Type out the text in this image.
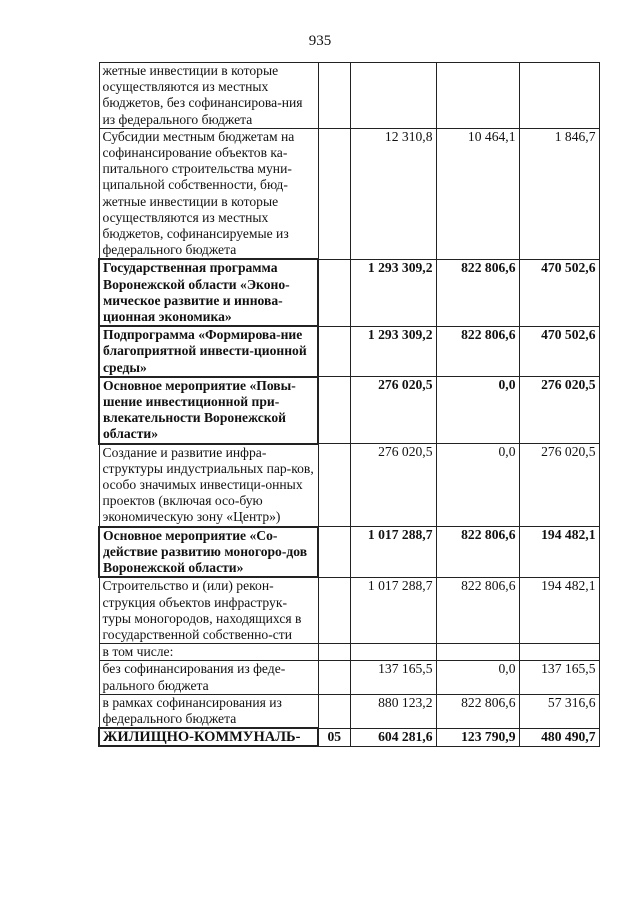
935
жетные инвестиции в которые осуществляются из местных бюджетов, без софинансирова-ния из федерального бюджета				
Субсидии местным бюджетам на софинансирование объектов ка-питального строительства муни-ципальной собственности, бюд-жетные инвестиции в которые осуществляются из местных бюджетов, софинансируемые из федерального бюджета		12 310,8	10 464,1	1 846,7
Государственная программа Воронежской области «Эконо-мическое развитие и иннова-ционная экономика»		1 293 309,2	822 806,6	470 502,6
Подпрограмма «Формирова-ние благоприятной инвести-ционной среды»		1 293 309,2	822 806,6	470 502,6
Основное мероприятие «Повы-шение инвестиционной при-влекательности Воронежской области»		276 020,5	0,0	276 020,5
Создание и развитие инфра-структуры индустриальных пар-ков, особо значимых инвестици-онных проектов (включая осо-бую экономическую зону «Центр»)		276 020,5	0,0	276 020,5
Основное мероприятие «Со-действие развитию моногоро-дов Воронежской области»		1 017 288,7	822 806,6	194 482,1
Строительство и (или) рекон-струкция объектов инфраструк-туры моногородов, находящихся в государственной собственно-сти		1 017 288,7	822 806,6	194 482,1
в том числе:				
без софинансирования из феде-рального бюджета		137 165,5	0,0	137 165,5
в рамках софинансирования из федерального бюджета		880 123,2	822 806,6	57 316,6
ЖИЛИЩНО-КОММУНАЛЬ-	05	604 281,6	123 790,9	480 490,7
